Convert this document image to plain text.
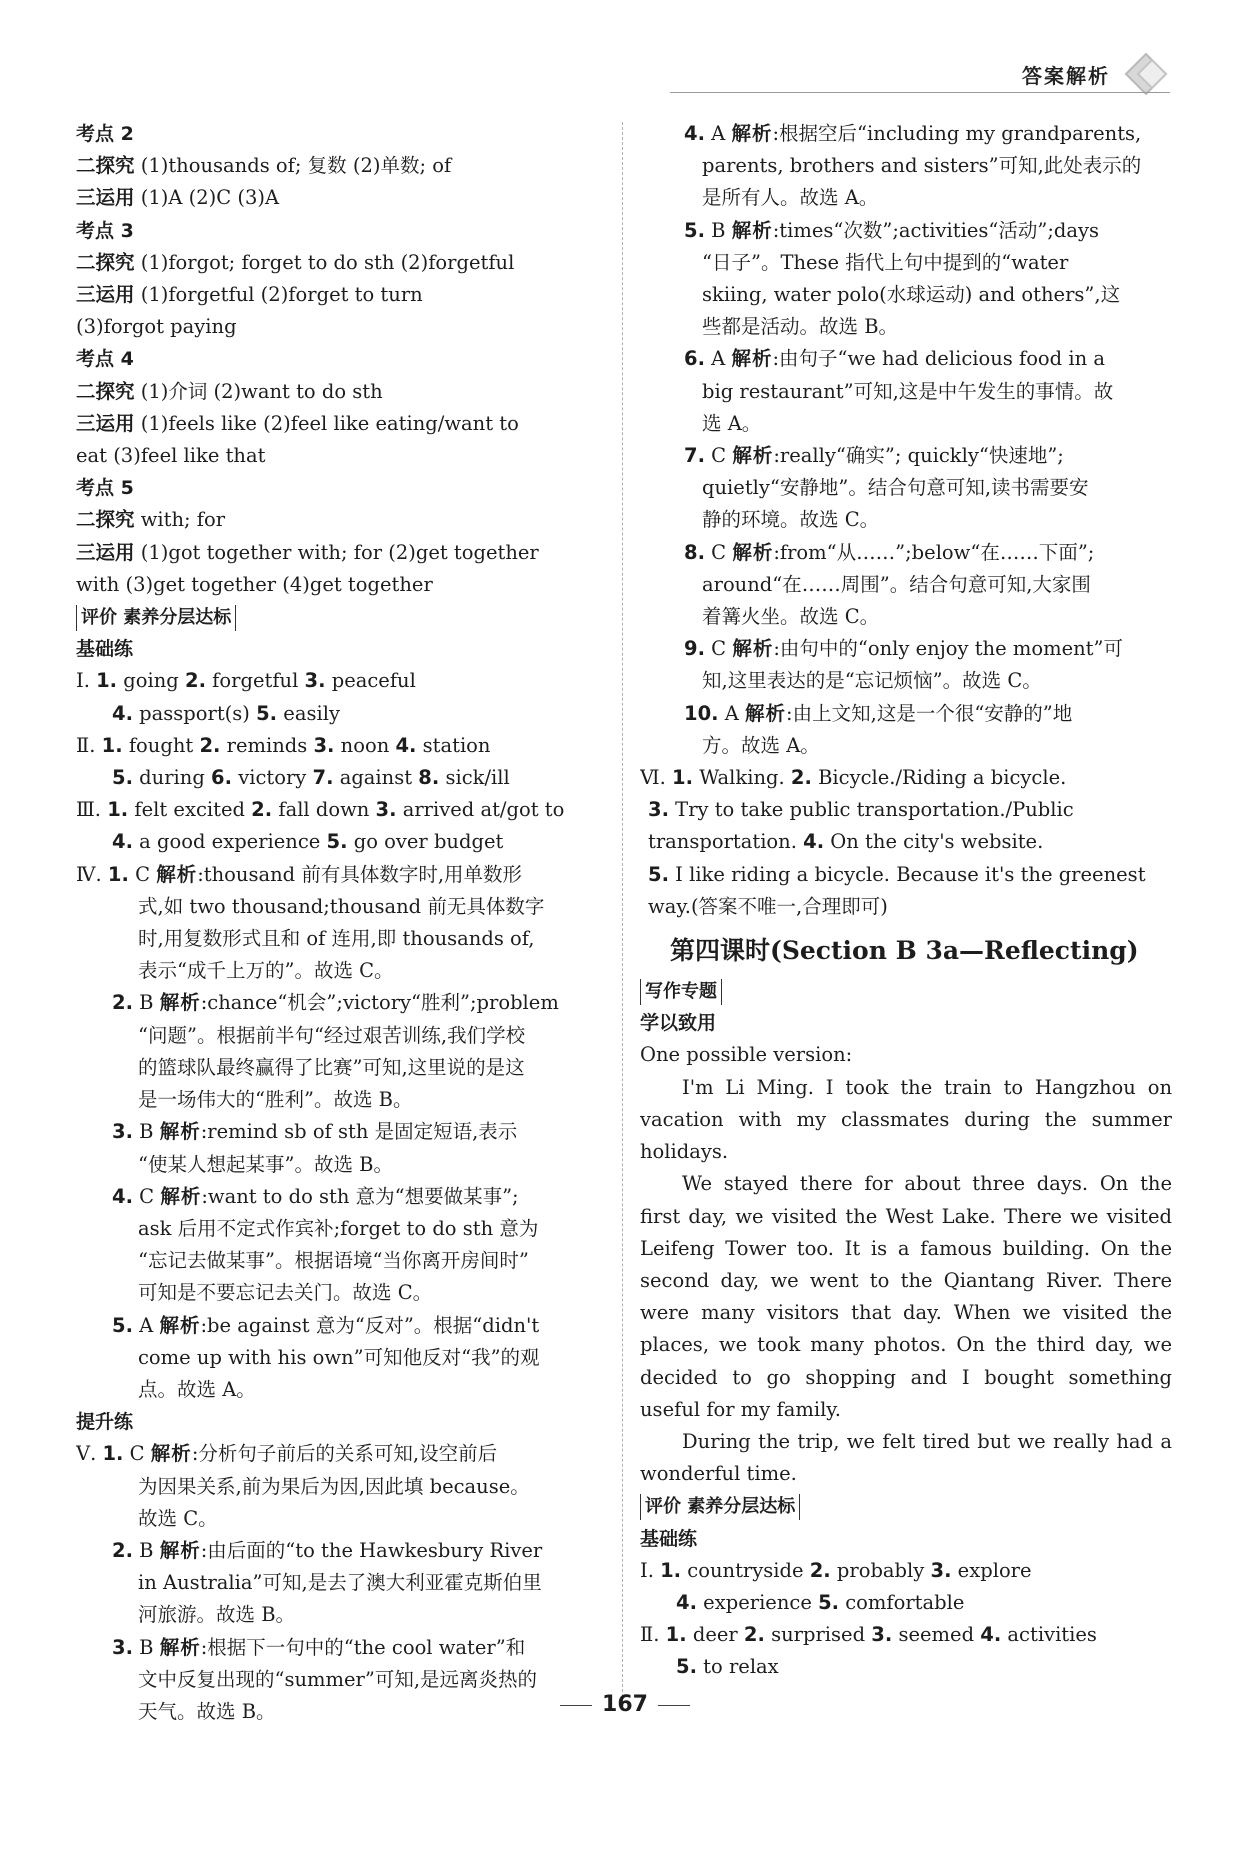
答案解析
考点 2
二探究 (1)thousands of; 复数 (2)单数; of
三运用 (1)A (2)C (3)A
考点 3
二探究 (1)forgot; forget to do sth (2)forgetful
三运用 (1)forgetful (2)forget to turn
(3)forgot paying
考点 4
二探究 (1)介词 (2)want to do sth
三运用 (1)feels like (2)feel like eating/want to
eat (3)feel like that
考点 5
二探究 with; for
三运用 (1)got together with; for (2)get together
with (3)get together (4)get together
评价 素养分层达标
基础练
Ⅰ. 1. going 2. forgetful 3. peaceful
4. passport(s) 5. easily
Ⅱ. 1. fought 2. reminds 3. noon 4. station
5. during 6. victory 7. against 8. sick/ill
Ⅲ. 1. felt excited 2. fall down 3. arrived at/got to
4. a good experience 5. go over budget
Ⅳ. 1. C 解析:thousand 前有具体数字时,用单数形
式,如 two thousand;thousand 前无具体数字
时,用复数形式且和 of 连用,即 thousands of,
表示“成千上万的”。故选 C。
2. B 解析:chance“机会”;victory“胜利”;problem
“问题”。根据前半句“经过艰苦训练,我们学校
的篮球队最终赢得了比赛”可知,这里说的是这
是一场伟大的“胜利”。故选 B。
3. B 解析:remind sb of sth 是固定短语,表示
“使某人想起某事”。故选 B。
4. C 解析:want to do sth 意为“想要做某事”;
ask 后用不定式作宾补;forget to do sth 意为
“忘记去做某事”。根据语境“当你离开房间时”
可知是不要忘记去关门。故选 C。
5. A 解析:be against 意为“反对”。根据“didn't
come up with his own”可知他反对“我”的观
点。故选 A。
提升练
Ⅴ. 1. C 解析:分析句子前后的关系可知,设空前后
为因果关系,前为果后为因,因此填 because。
故选 C。
2. B 解析:由后面的“to the Hawkesbury River
in Australia”可知,是去了澳大利亚霍克斯伯里
河旅游。故选 B。
3. B 解析:根据下一句中的“the cool water”和
文中反复出现的“summer”可知,是远离炎热的
天气。故选 B。
4. A 解析:根据空后“including my grandparents,
parents, brothers and sisters”可知,此处表示的
是所有人。故选 A。
5. B 解析:times“次数”;activities“活动”;days
“日子”。These 指代上句中提到的“water
skiing, water polo(水球运动) and others”,这
些都是活动。故选 B。
6. A 解析:由句子“we had delicious food in a
big restaurant”可知,这是中午发生的事情。故
选 A。
7. C 解析:really“确实”; quickly“快速地”;
quietly“安静地”。结合句意可知,读书需要安
静的环境。故选 C。
8. C 解析:from“从……”;below“在……下面”;
around“在……周围”。结合句意可知,大家围
着篝火坐。故选 C。
9. C 解析:由句中的“only enjoy the moment”可
知,这里表达的是“忘记烦恼”。故选 C。
10. A 解析:由上文知,这是一个很“安静的”地
方。故选 A。
Ⅵ. 1. Walking. 2. Bicycle./Riding a bicycle.
3. Try to take public transportation./Public
transportation. 4. On the city's website.
5. I like riding a bicycle. Because it's the greenest
way.(答案不唯一,合理即可)
第四课时(Section B 3a—Reflecting)
写作专题
学以致用
One possible version:
I'm Li Ming. I took the train to Hangzhou on vacation with my classmates during the summer holidays.
We stayed there for about three days. On the first day, we visited the West Lake. There we visited Leifeng Tower too. It is a famous building. On the second day, we went to the Qiantang River. There were many visitors that day. When we visited the places, we took many photos. On the third day, we decided to go shopping and I bought something useful for my family.
During the trip, we felt tired but we really had a wonderful time.
评价 素养分层达标
基础练
Ⅰ. 1. countryside 2. probably 3. explore
4. experience 5. comfortable
Ⅱ. 1. deer 2. surprised 3. seemed 4. activities
5. to relax
167
